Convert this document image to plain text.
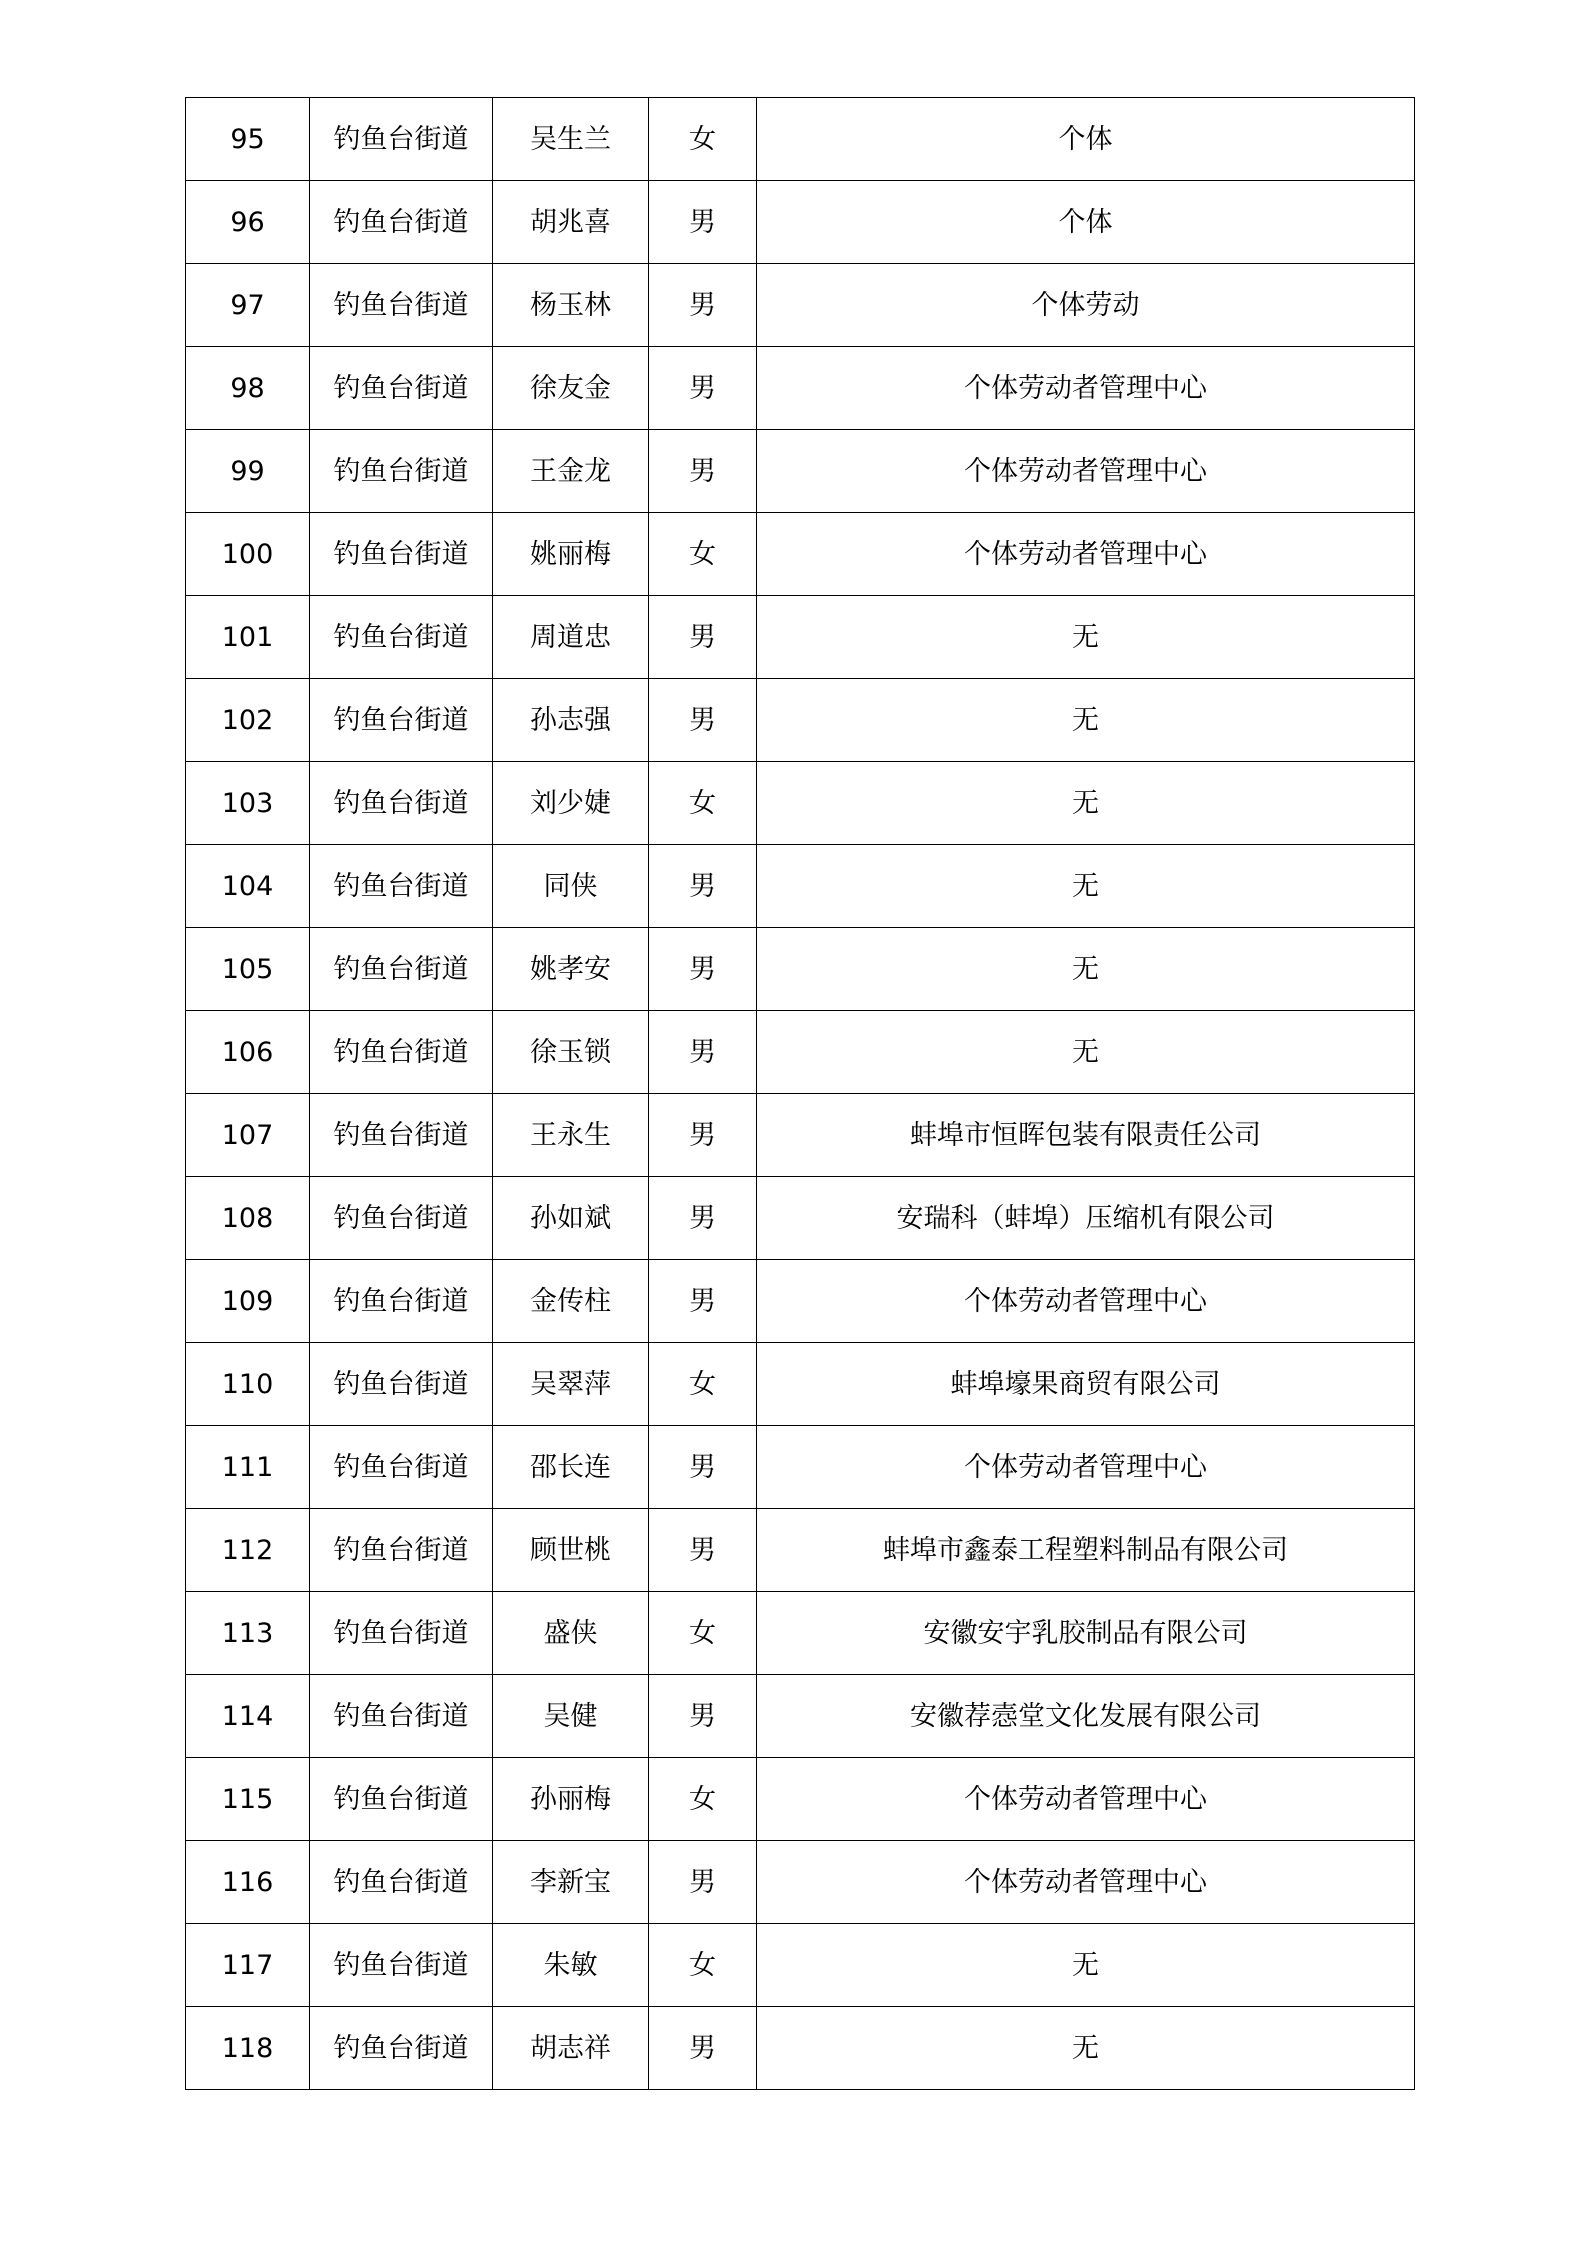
95	钓鱼台街道	吴生兰	女	个体
96	钓鱼台街道	胡兆喜	男	个体
97	钓鱼台街道	杨玉林	男	个体劳动
98	钓鱼台街道	徐友金	男	个体劳动者管理中心
99	钓鱼台街道	王金龙	男	个体劳动者管理中心
100	钓鱼台街道	姚丽梅	女	个体劳动者管理中心
101	钓鱼台街道	周道忠	男	无
102	钓鱼台街道	孙志强	男	无
103	钓鱼台街道	刘少婕	女	无
104	钓鱼台街道	同侠	男	无
105	钓鱼台街道	姚孝安	男	无
106	钓鱼台街道	徐玉锁	男	无
107	钓鱼台街道	王永生	男	蚌埠市恒晖包装有限责任公司
108	钓鱼台街道	孙如斌	男	安瑞科（蚌埠）压缩机有限公司
109	钓鱼台街道	金传柱	男	个体劳动者管理中心
110	钓鱼台街道	吴翠萍	女	蚌埠壕果商贸有限公司
111	钓鱼台街道	邵长连	男	个体劳动者管理中心
112	钓鱼台街道	顾世桃	男	蚌埠市鑫泰工程塑料制品有限公司
113	钓鱼台街道	盛侠	女	安徽安宇乳胶制品有限公司
114	钓鱼台街道	吴健	男	安徽荐悫堂文化发展有限公司
115	钓鱼台街道	孙丽梅	女	个体劳动者管理中心
116	钓鱼台街道	李新宝	男	个体劳动者管理中心
117	钓鱼台街道	朱敏	女	无
118	钓鱼台街道	胡志祥	男	无
